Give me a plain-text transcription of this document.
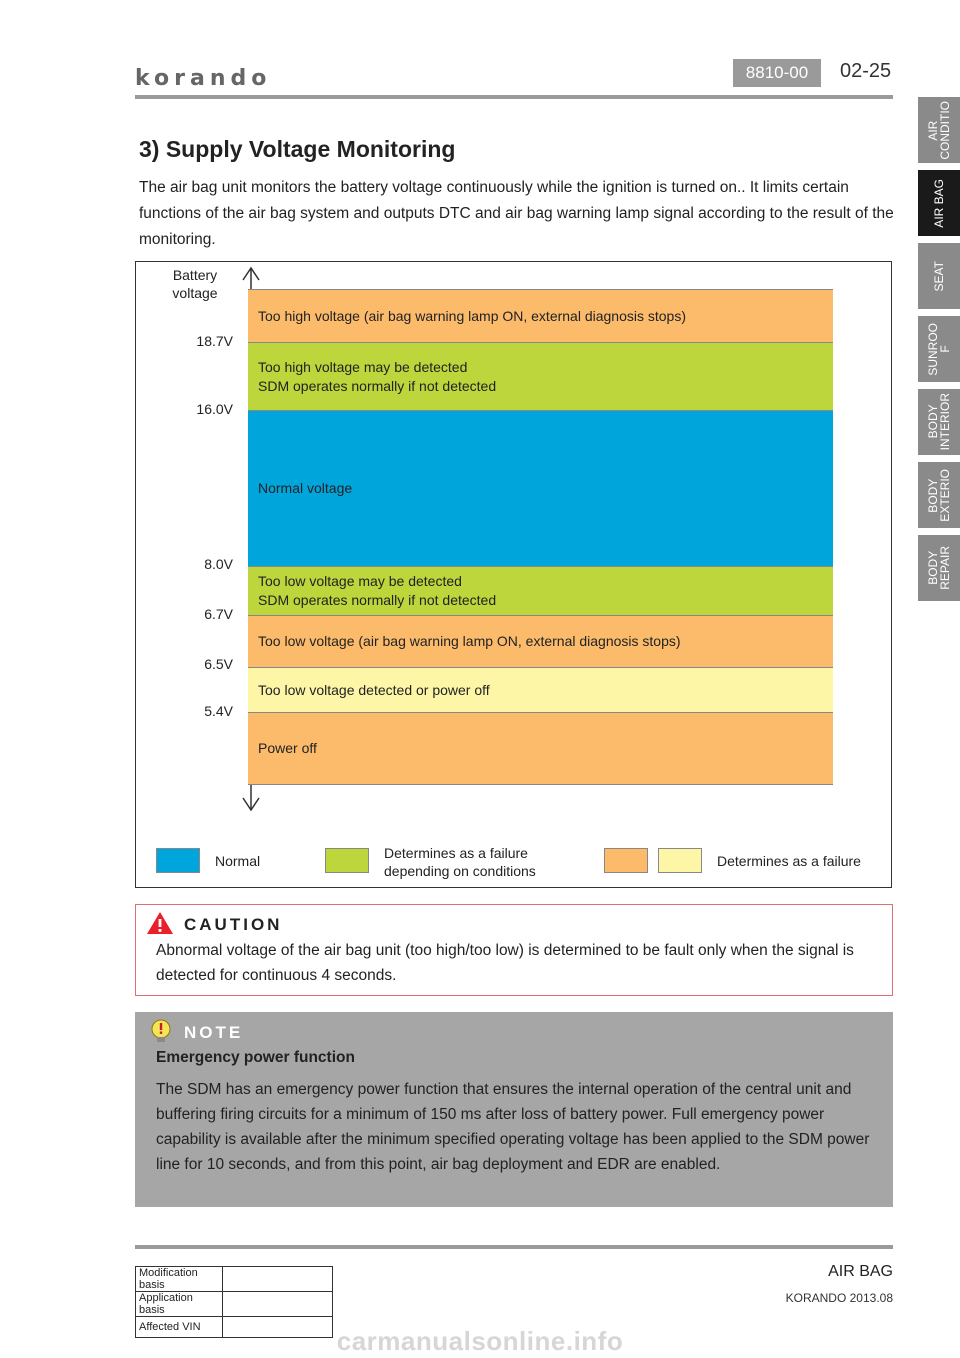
korando	8810-00	02-25
AIR
CONDITIO
AIR BAG
SEAT
SUNROO
F
BODY
INTERIOR
BODY
EXTERIO
BODY
REPAIR
3) Supply Voltage Monitoring
The air bag unit monitors the battery voltage continuously while the ignition is turned on.. It limits certain functions of the air bag system and outputs DTC and air bag warning lamp signal according to the result of the monitoring.
Battery
voltage
18.7V
16.0V
8.0V
6.7V
6.5V
5.4V
Too high voltage (air bag warning lamp ON, external diagnosis stops)
Too high voltage may be detected
SDM operates normally if not detected
Normal voltage
Too low voltage may be detected
SDM operates normally if not detected
Too low voltage (air bag warning lamp ON, external diagnosis stops)
Too low voltage detected or power off
Power off
Normal	Determines as a failure
depending on conditions
Determines as a failure
CAUTION
Abnormal voltage of the air bag unit (too high/too low) is determined to be fault only when the signal is detected for continuous 4 seconds.
NOTE
Emergency power function
The SDM has an emergency power function that ensures the internal operation of the central unit and buffering firing circuits for a minimum of 150 ms after loss of battery power. Full emergency power capability is available after the minimum specified operating voltage has been applied to the SDM power line for 10 seconds, and from this point, air bag deployment and EDR are enabled.
Modification basis	
Application basis	
Affected VIN	
AIR BAG
KORANDO 2013.08
carmanualsonline.info
